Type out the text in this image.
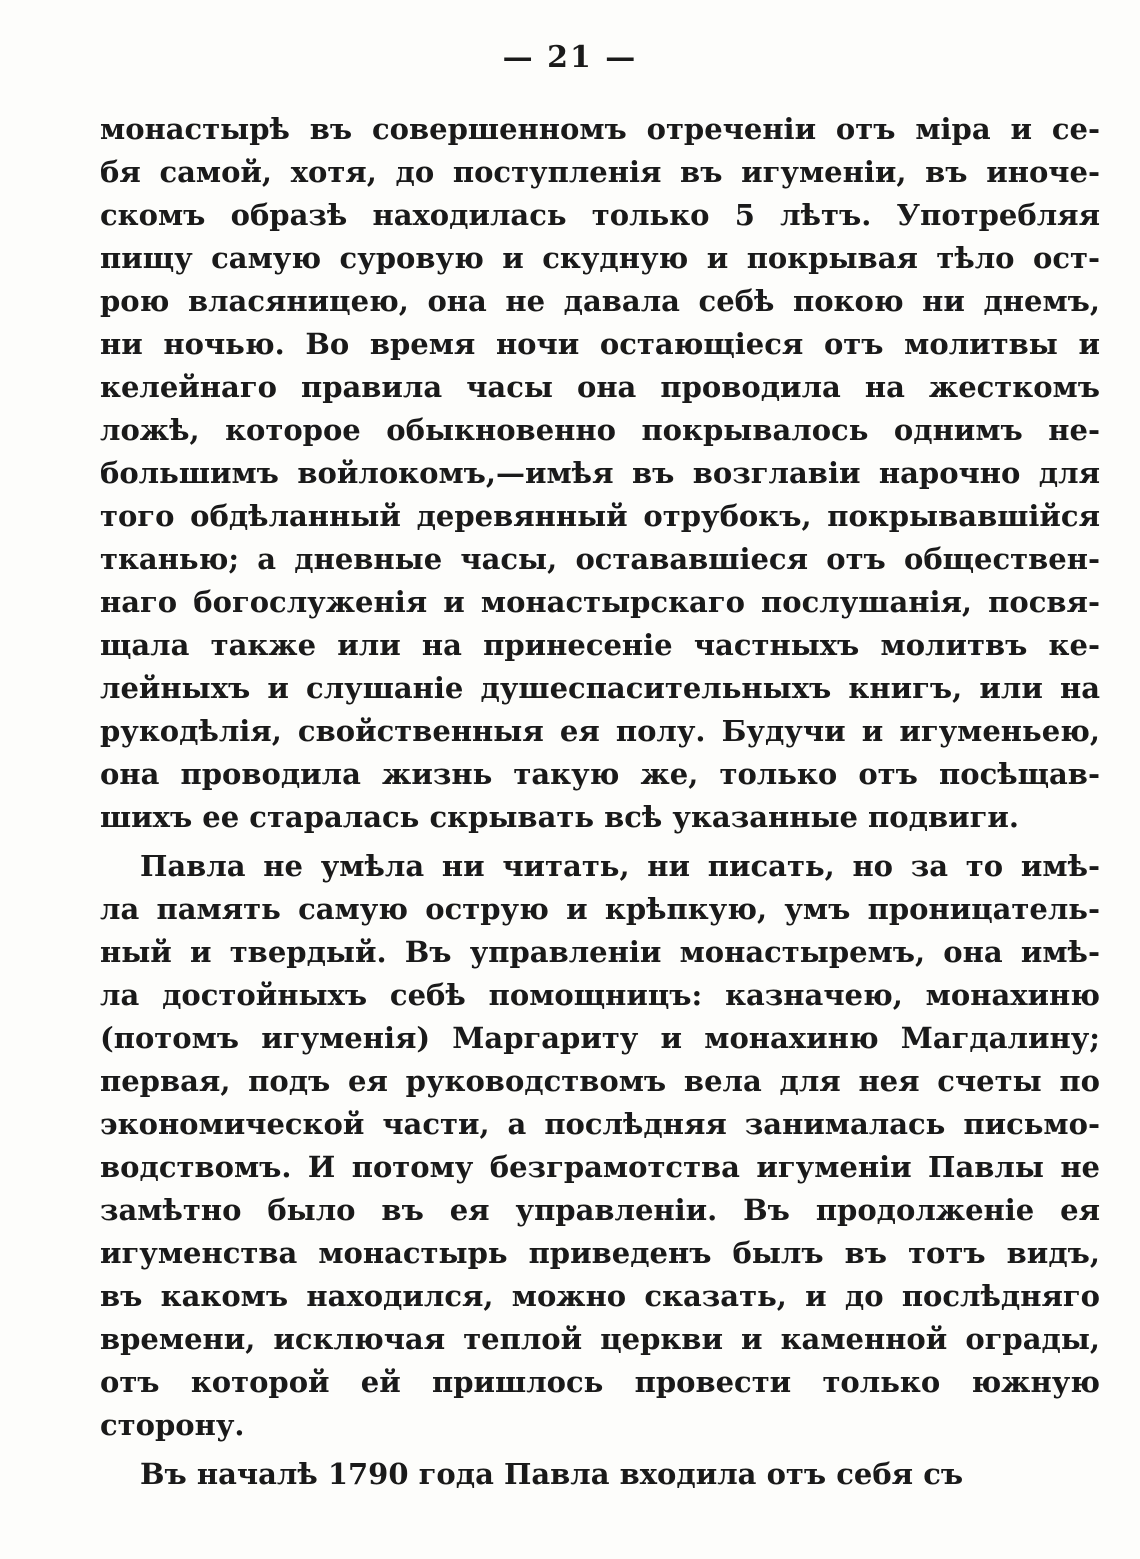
— 21 —
монастырѣ въ совершенномъ отреченіи отъ міра и се-
бя самой, хотя, до поступленія въ игуменіи, въ иноче-
скомъ образѣ находилась только 5 лѣтъ. Употребляя
пищу самую суровую и скудную и покрывая тѣло ост-
рою власяницею, она не давала себѣ покою ни днемъ,
ни ночью. Во время ночи остающіеся отъ молитвы и
келейнаго правила часы она проводила на жесткомъ
ложѣ, которое обыкновенно покрывалось однимъ не-
большимъ войлокомъ,—имѣя въ возглавіи нарочно для
того обдѣланный деревянный отрубокъ, покрывавшійся
тканью; а дневные часы, остававшіеся отъ обществен-
наго богослуженія и монастырскаго послушанія, посвя-
щала также или на принесеніе частныхъ молитвъ ке-
лейныхъ и слушаніе душеспасительныхъ книгъ, или на
рукодѣлія, свойственныя ея полу. Будучи и игуменьею,
она проводила жизнь такую же, только отъ посѣщав-
шихъ ее старалась скрывать всѣ указанные подвиги.
Павла не умѣла ни читать, ни писать, но за то имѣ-
ла память самую острую и крѣпкую, умъ проницатель-
ный и твердый. Въ управленіи монастыремъ, она имѣ-
ла достойныхъ себѣ помощницъ: казначею, монахиню
(потомъ игуменія) Маргариту и монахиню Магдалину;
первая, подъ ея руководствомъ вела для нея счеты по
экономической части, а послѣдняя занималась письмо-
водствомъ. И потому безграмотства игуменіи Павлы не
замѣтно было въ ея управленіи. Въ продолженіе ея
игуменства монастырь приведенъ былъ въ тотъ видъ,
въ какомъ находился, можно сказать, и до послѣдняго
времени, исключая теплой церкви и каменной ограды,
отъ которой ей пришлось провести только южную
сторону.
Въ началѣ 1790 года Павла входила отъ себя съ
